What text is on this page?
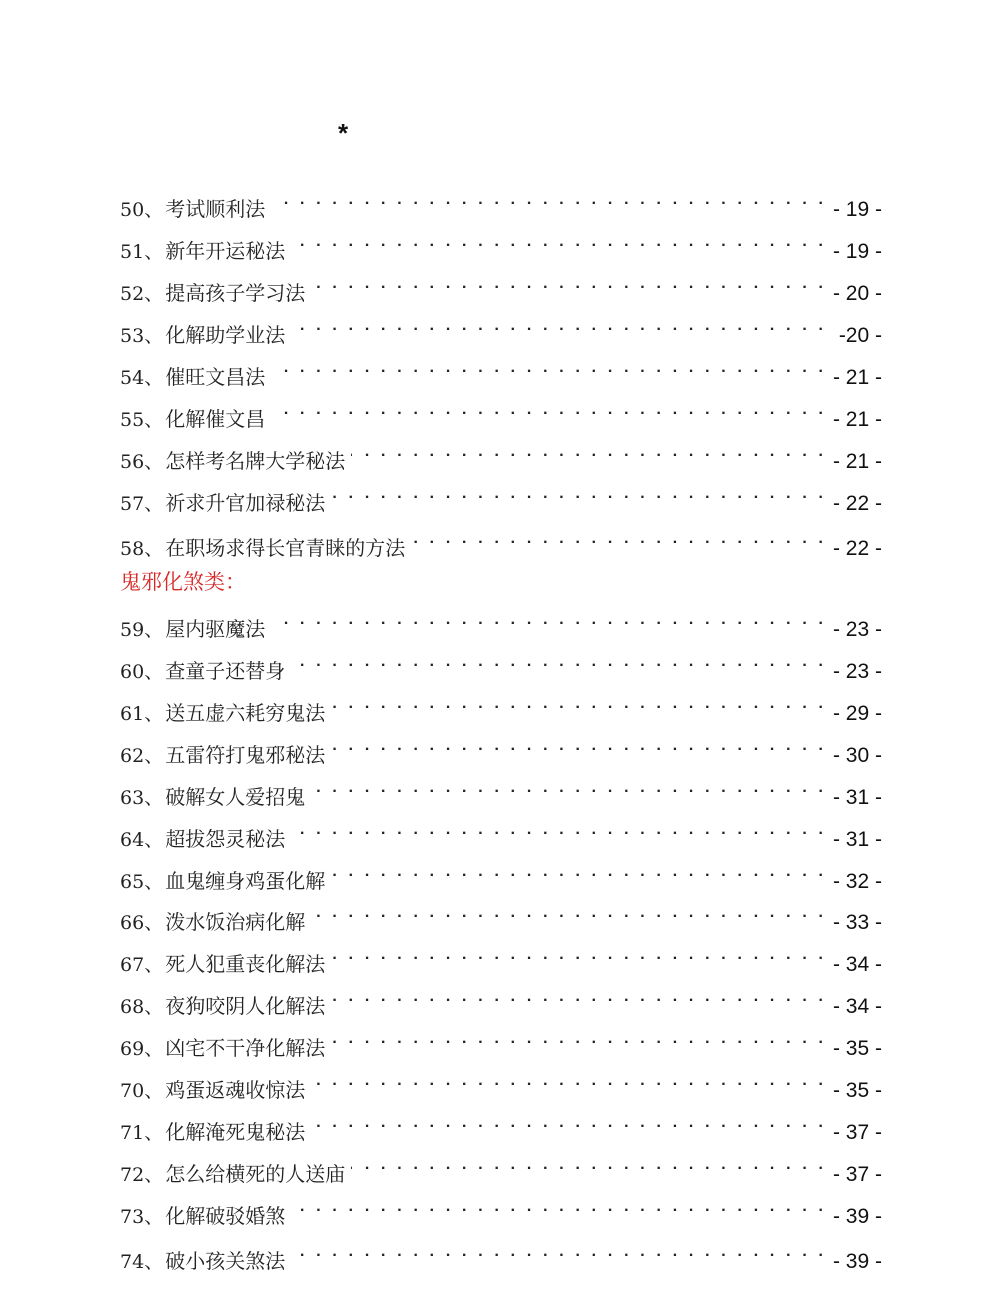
*
50 、 考试顺利法 . . .	- 19 -
51 、 新年开运秘法 . . .	- 19 -
52 、 提高孩子学习法 . . .	- 20 -
53 、 化解助学业法 . . .	-20 -
54 、 催旺文昌法 . . .	- 21 -
55 、 化解催文昌 . . .	- 21 -
56 、 怎样考名牌大学秘法 . . .	- 21 -
57 、 祈求升官加禄秘法 . . .	- 22 -
58 、 在职场求得长官青睐的方法 . . .	- 22 -
鬼邪化煞类：
59 、 屋内驱魔法 . . .	- 23 -
60 、 查童子还替身 . . .	- 23 -
61 、 送五虚六耗穷鬼法 . . .	- 29 -
62 、 五雷符打鬼邪秘法 . . .	- 30 -
63 、 破解女人爱招鬼 . . .	- 31 -
64 、 超拔怨灵秘法 . . .	- 31 -
65 、 血鬼缠身鸡蛋化解 . . .	- 32 -
66 、 泼水饭治病化解 . . .	- 33 -
67 、 死人犯重丧化解法 . . .	- 34 -
68 、 夜狗咬阴人化解法 . . .	- 34 -
69 、 凶宅不干净化解法 . . .	- 35 -
70 、 鸡蛋返魂收惊法 . . .	- 35 -
71 、 化解淹死鬼秘法 . . .	- 37 -
72 、 怎么给横死的人送庙 . . .	- 37 -
73 、 化解破驳婚煞 . . .	- 39 -
74 、 破小孩关煞法 . . .	- 39 -
